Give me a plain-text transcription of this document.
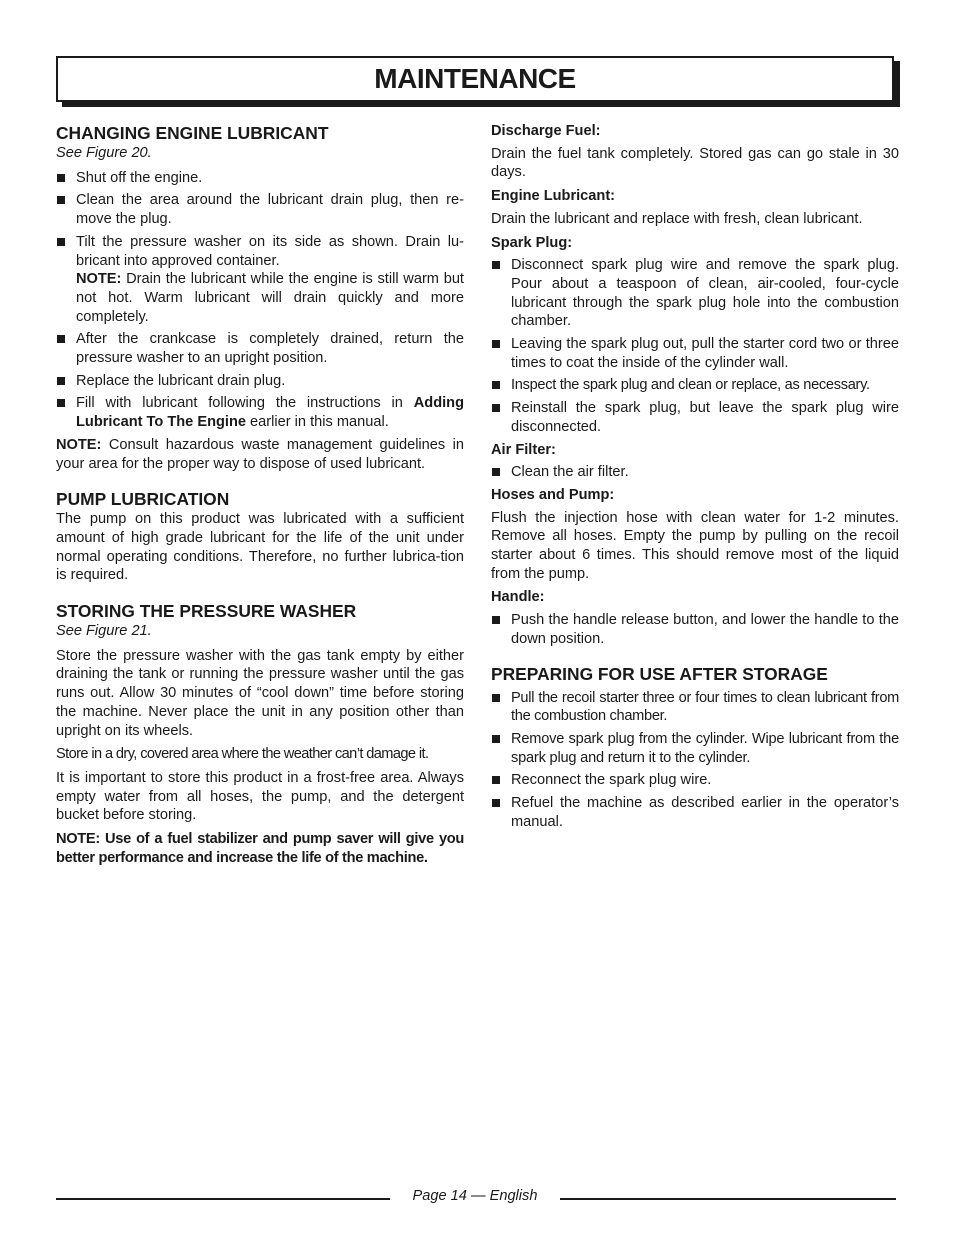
MAINTENANCE
CHANGING ENGINE LUBRICANT
See Figure 20.
Shut off the engine.
Clean the area around the lubricant drain plug, then re-move the plug.
Tilt the pressure washer on its side as shown. Drain lu-bricant into approved container.
NOTE: Drain the lubricant while the engine is still warm but not hot. Warm lubricant will drain quickly and more completely.
After the crankcase is completely drained, return the pressure washer to an upright position.
Replace the lubricant drain plug.
Fill with lubricant following the instructions in Adding Lubricant To The Engine earlier in this manual.

NOTE: Consult hazardous waste management guidelines in your area for the proper way to dispose of used lubricant.

PUMP LUBRICATION

The pump on this product was lubricated with a sufficient amount of high grade lubricant for the life of the unit under normal operating conditions. Therefore, no further lubrica-tion is required.

STORING THE PRESSURE WASHER
See Figure 21.

Store the pressure washer with the gas tank empty by either draining the tank or running the pressure washer until the gas runs out. Allow 30 minutes of “cool down” time before storing the machine. Never place the unit in any position other than upright on its wheels.

Store in a dry, covered area where the weather can’t damage it.

It is important to store this product in a frost-free area. Always empty water from all hoses, the pump, and the detergent bucket before storing.

NOTE: Use of a fuel stabilizer and pump saver will give you better performance and increase the life of the machine.

Discharge Fuel:

Drain the fuel tank completely. Stored gas can go stale in 30 days.

Engine Lubricant:

Drain the lubricant and replace with fresh, clean lubricant.

Spark Plug:
Disconnect spark plug wire and remove the spark plug. Pour about a teaspoon of clean, air-cooled, four-cycle lubricant through the spark plug hole into the combustion chamber.
Leaving the spark plug out, pull the starter cord two or three times to coat the inside of the cylinder wall.
Inspect the spark plug and clean or replace, as necessary.
Reinstall the spark plug, but leave the spark plug wire disconnected.
Air Filter:
Clean the air filter.
Hoses and Pump:

Flush the injection hose with clean water for 1-2 minutes. Remove all hoses. Empty the pump by pulling on the recoil starter about 6 times. This should remove most of the liquid from the pump.

Handle:
Push the handle release button, and lower the handle to the down position.
PREPARING FOR USE AFTER STORAGE
Pull the recoil starter three or four times to clean lubricant from the combustion chamber.
Remove spark plug from the cylinder. Wipe lubricant from the spark plug and return it to the cylinder.
Reconnect the spark plug wire.
Refuel the machine as described earlier in the operator’s manual.
Page 14 — English
